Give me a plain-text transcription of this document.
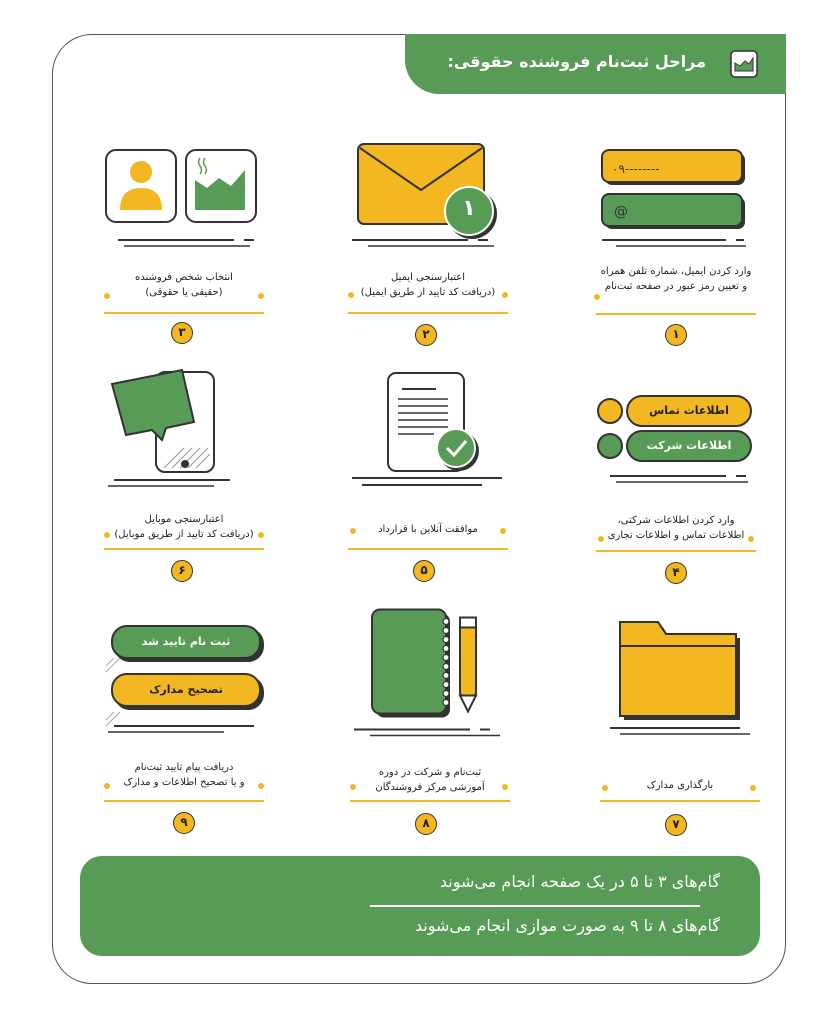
مراحل ثبت‌نام فروشنده حقوقی:
۰۹--------
@
وارد کردن ایمیل، شماره تلفن همراه
و تعیین رمز عبور در صفحه ثبت‌نام
۱
۱
اعتبارسنجی ایمیل
(دریافت کد تایید از طریق ایمیل)
۲
انتخاب شخص فروشنده
(حقیقی یا حقوقی)
۳
اطلاعات تماس
اطلاعات شرکت
وارد کردن اطلاعات شرکتی،
اطلاعات تماس و اطلاعات تجاری
۴
موافقت آنلاین با قرارداد
۵
اعتبارسنجی موبایل
(دریافت کد تایید از طریق موبایل)
۶
بارگذاری مدارک
۷
ثبت‌نام و شرکت در دوره
آموزشی مرکز فروشندگان
۸
ثبت نام تایید شد
تصحیح مدارک
دریافت پیام تایید ثبت‌نام
و یا تصحیح اطلاعات و مدارک
۹
گام‌های ۳ تا ۵ در یک صفحه انجام می‌شوند
گام‌های ۸ تا ۹ به صورت موازی انجام می‌شوند
